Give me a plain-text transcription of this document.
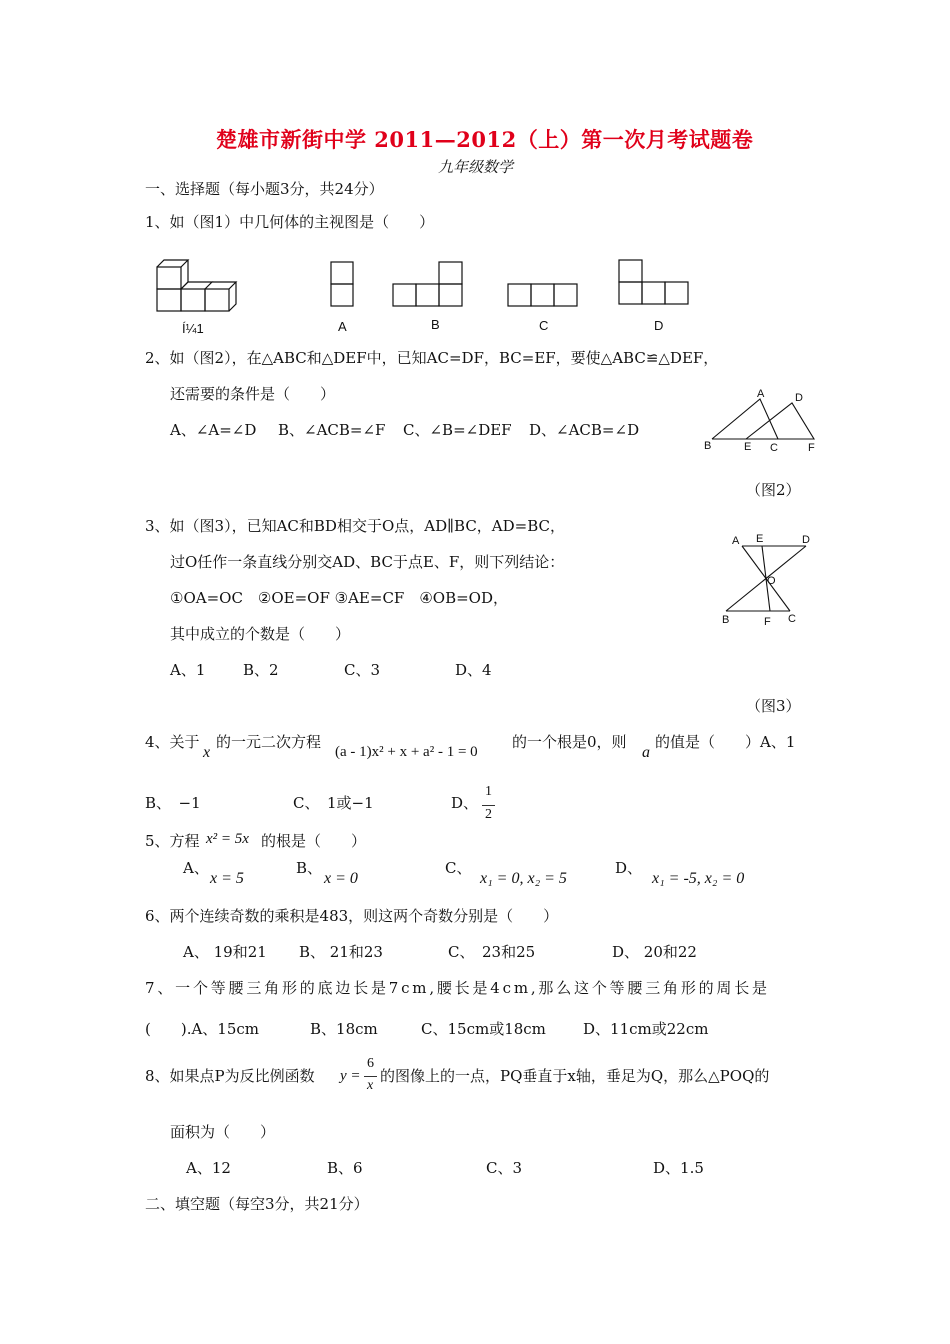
楚雄市新街中学 2011—2012（上）第一次月考试题卷
九年级数学
一、选择题（每小题3分，共24分）
1、如（图1）中几何体的主视图是（　　）
Í¼1	A	B	C	D
2、如（图2），在△ABC和△DEF中，已知AC=DF，BC=EF，要使△ABC≌△DEF，
还需要的条件是（　　）
A、∠A=∠D B、∠ACB=∠F C、∠B=∠DEF D、∠ACB=∠D
A	D
B	E C	F
（图2）
3、如（图3），已知AC和BD相交于O点，AD∥BC，AD=BC，
过O任作一条直线分别交AD、BC于点E、F，则下列结论：
①OA=OC　②OE=OF ③AE=CF　④OB=OD，
其中成立的个数是（　　）
A、1	B、2	C、3	D、4
A E	D
O
B	F C
（图3）
4、关于
x
的一元二次方程
(a - 1)x² + x + a² - 1 = 0
的一个根是0，则
a
的值是（　　）A、1
B、　−1	C、　1或−1	D、
1
2
5、方程 x² = 5x 的根是（　　）
A、
x = 5
B、
x = 0
C、
x₁ = 0, x₂ = 5
D、
x₁ = -5, x₂ = 0
6、两个连续奇数的乘积是483，则这两个奇数分别是（　　）
A、 19和21 B、 21和23	C、　23和25	D、 20和22
7、一个等腰三角形的底边长是7cm,腰长是4cm,那么这个等腰三角形的周长是
(　　).A、15cm	B、18cm	C、15cm或18cm D、11cm或22cm
8、如果点P为反比例函数 y =
6
x
的图像上的一点，PQ垂直于x轴，垂足为Q，那么△POQ的
面积为（　　）
A、12	B、6	C、3	D、1.5
二、填空题（每空3分，共21分）
